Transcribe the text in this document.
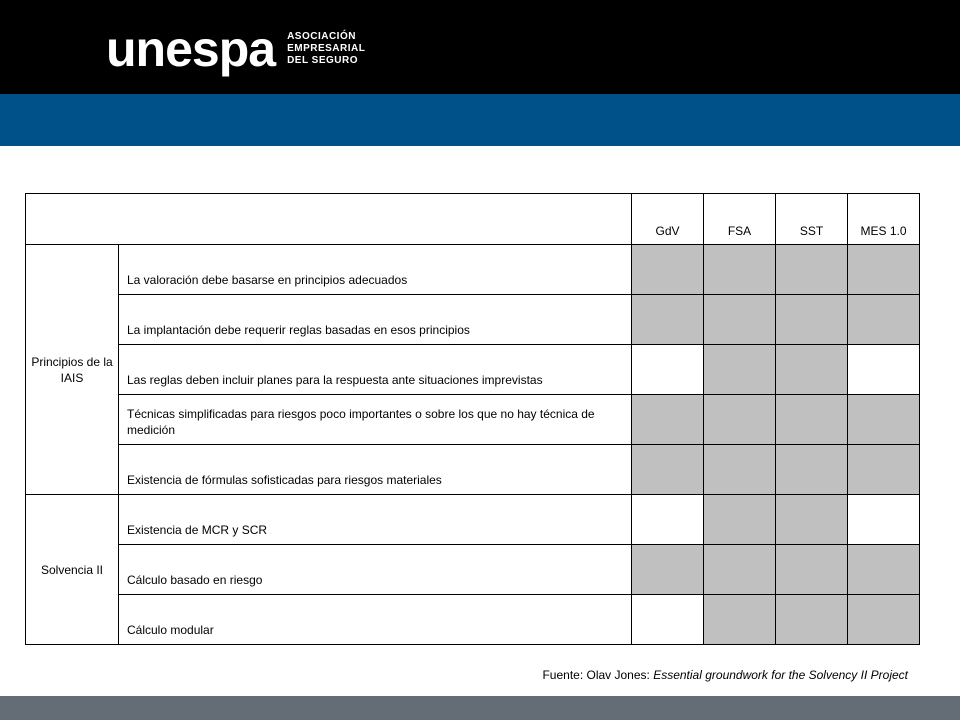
unespa ASOCIACIÓN
EMPRESARIAL
DEL SEGURO
		GdV	FSA	SST	MES 1.0
Principios de la IAIS	La valoración debe basarse en principios adecuados				
	La implantación debe requerir reglas basadas en esos principios				
	Las reglas deben incluir planes para la respuesta ante situaciones imprevistas				
	Técnicas simplificadas para riesgos poco importantes o sobre los que no hay técnica de medición				
	Existencia de fórmulas sofisticadas para riesgos materiales				
Solvencia II	Existencia de MCR y SCR				
	Cálculo basado en riesgo				
	Cálculo modular				
Fuente: Olav Jones: Essential groundwork for the Solvency II Project
